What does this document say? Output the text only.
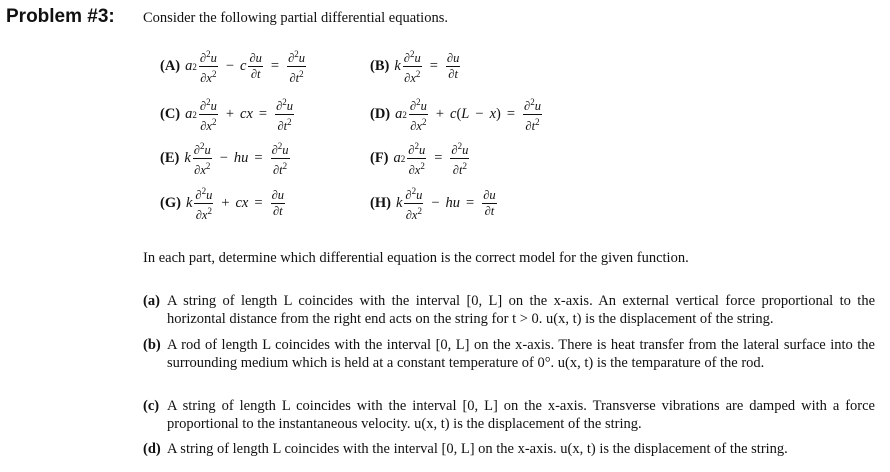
Problem #3: Consider the following partial differential equations.
(A) a $2 \frac{\partial^2u}{\partial x^2} - c \frac{\partial u}{\partial t} = \frac{\partial^2u}{\partial t^2}$	(B) k $\frac{\partial^2u}{\partial x^2} = \frac{\partial u}{\partial t}$
(C) a $2 \frac{\partial^2u}{\partial x^2}$ + cx = $\frac{\partial^2u}{\partial t^2}$	(D) a $2 \frac{\partial^2u}{\partial x^2} + c$ ( L − x ) = $\frac{\partial^2u}{\partial t^2}$
(E) k $\frac{\partial^2u}{\partial x^2}$ − hu = $\frac{\partial^2u}{\partial t^2}$	(F) a $2 \frac{\partial^2u}{\partial x^2} = \frac{\partial^2u}{\partial t^2}$
(G) k $\frac{\partial^2u}{\partial x^2}$ + cx = $\frac{\partial u}{\partial t}$	(H) k $\frac{\partial^2u}{\partial x^2}$ − hu = $\frac{\partial u}{\partial t}$
In each part, determine which differential equation is the correct model for the given function.
(a) A string of length L coincides with the interval [0, L] on the x-axis. An external vertical force proportional to the horizontal distance from the right end acts on the string for t > 0. u(x, t) is the displacement of the string.
(b) A rod of length L coincides with the interval [0, L] on the x-axis. There is heat transfer from the lateral surface into the surrounding medium which is held at a constant temperature of 0°. u(x, t) is the temparature of the rod.
(c) A string of length L coincides with the interval [0, L] on the x-axis. Transverse vibrations are damped with a force proportional to the instantaneous velocity. u(x, t) is the displacement of the string.
(d) A string of length L coincides with the interval [0, L] on the x-axis. u(x, t) is the displacement of the string.
